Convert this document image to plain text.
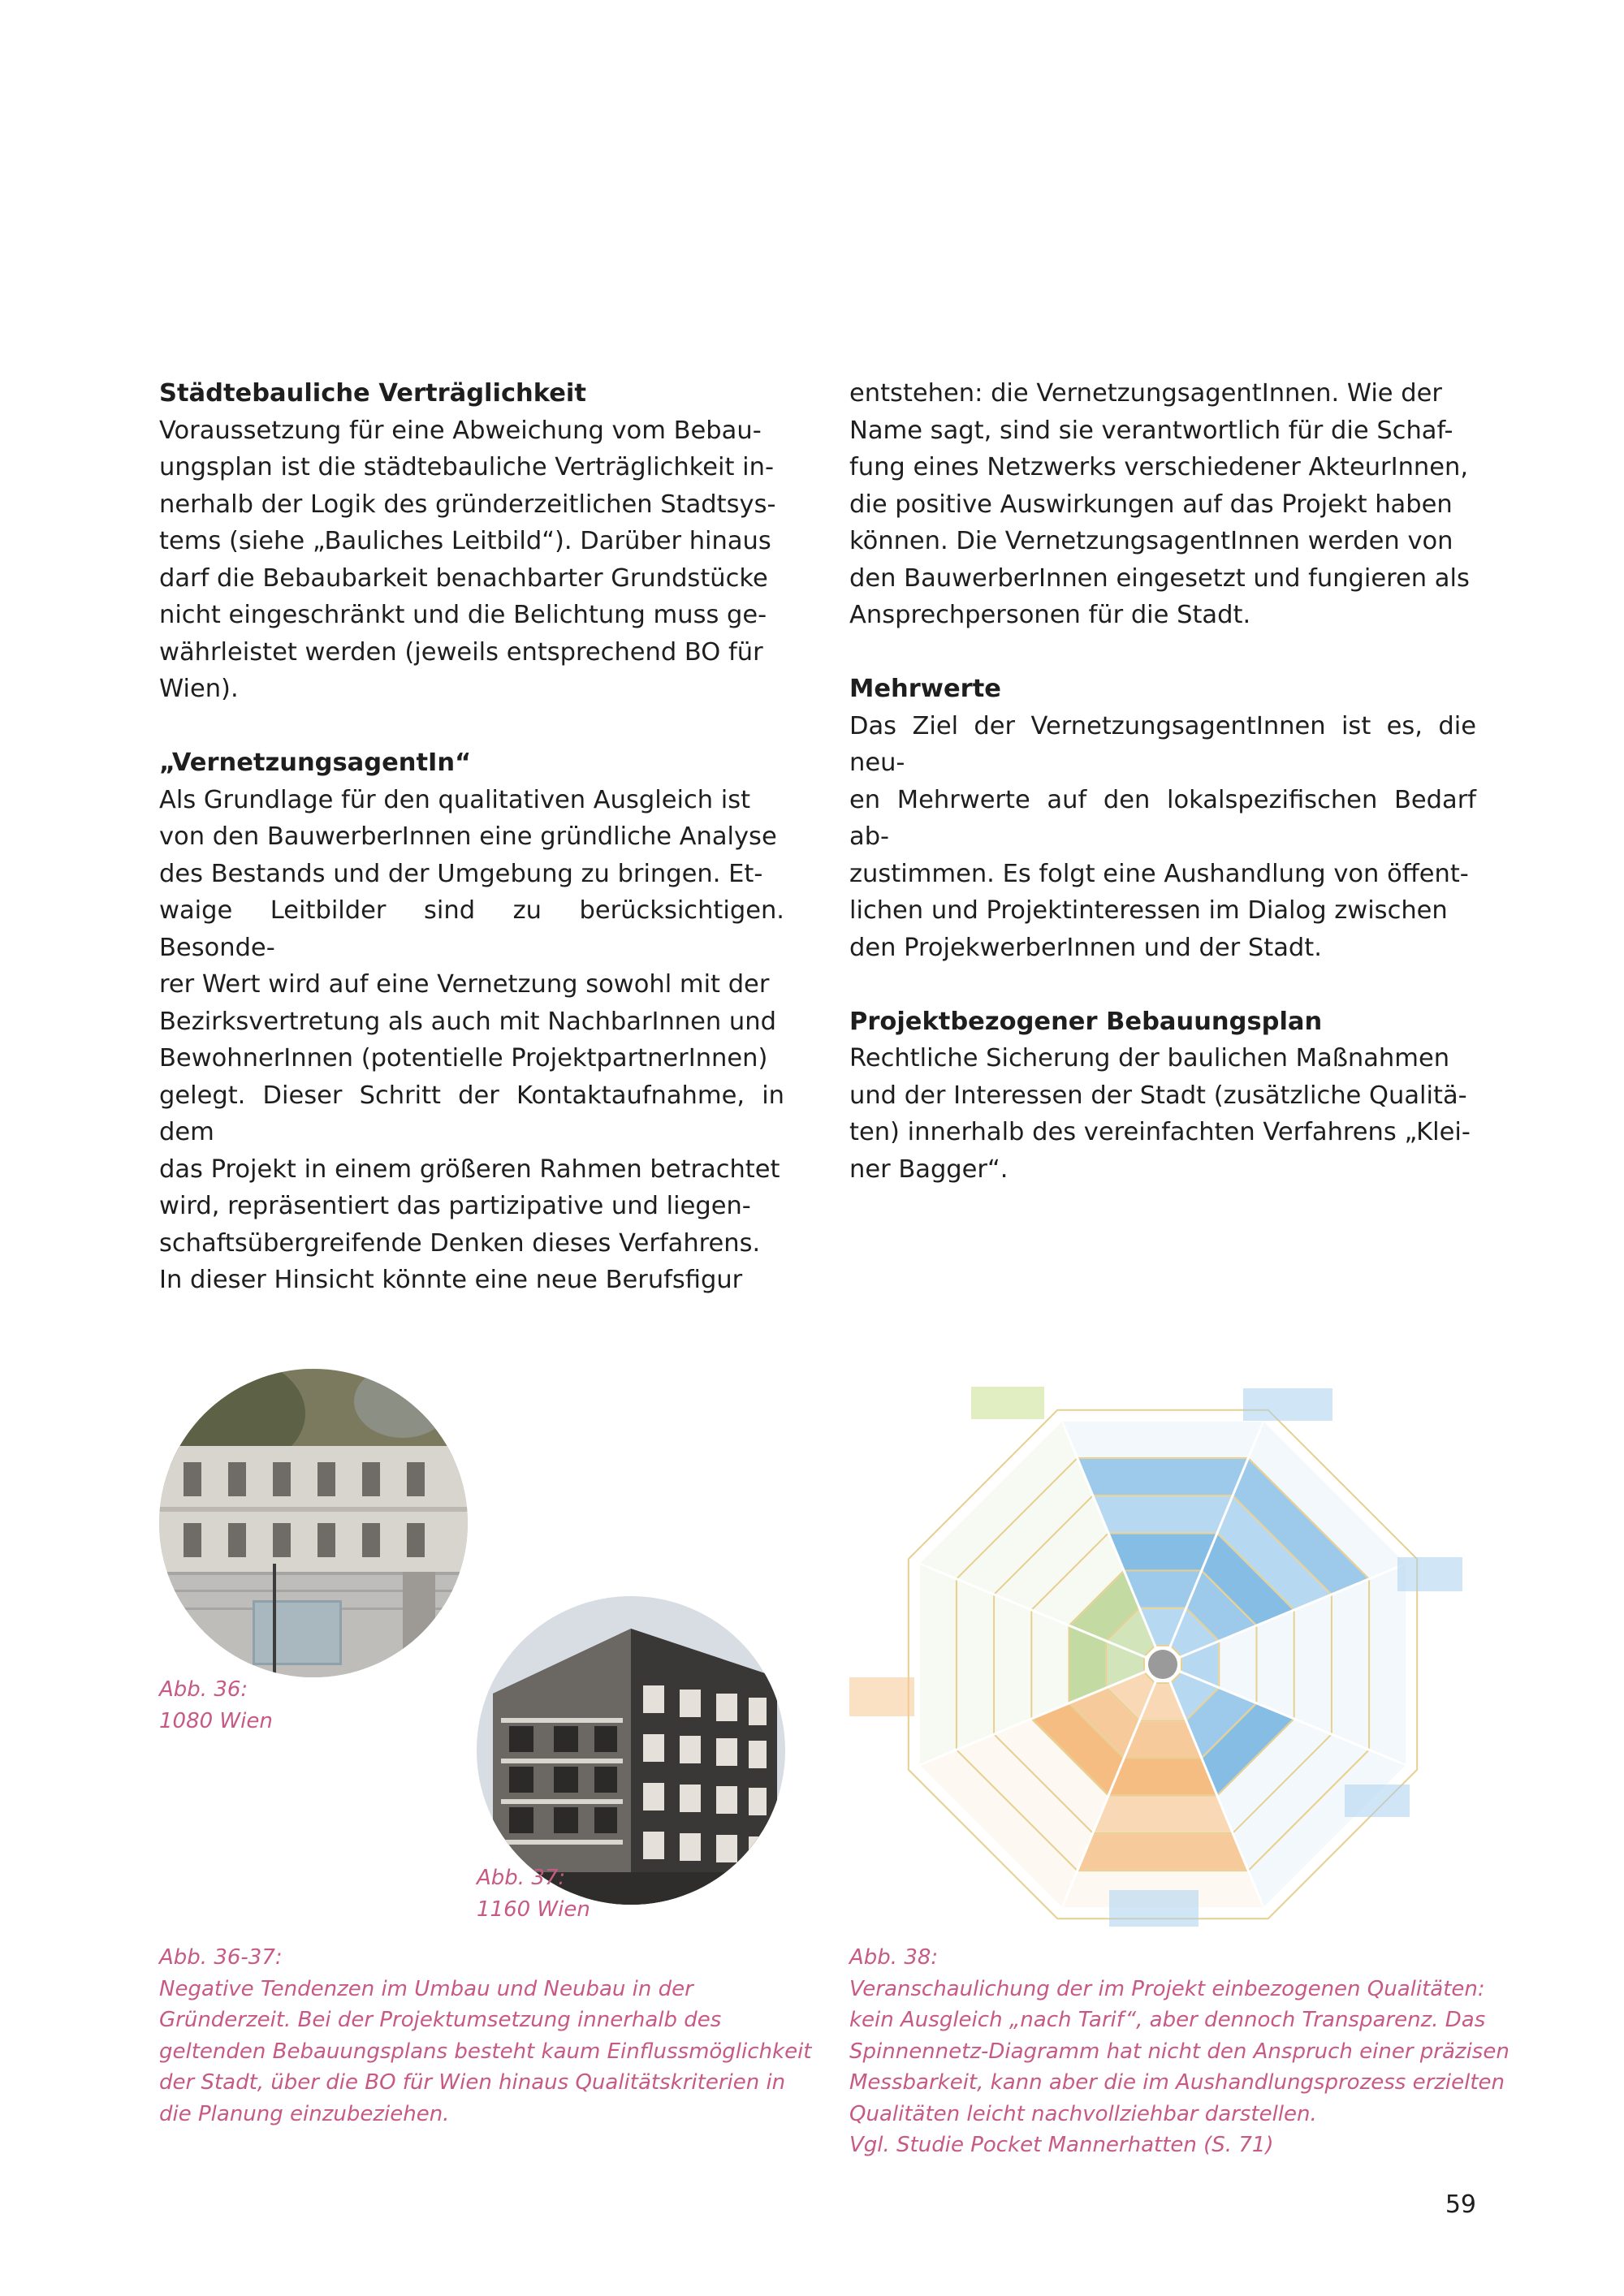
Städtebauliche Verträglichkeit

Voraussetzung für eine Abweichung vom Bebau-

ungsplan ist die städtebauliche Verträglichkeit in-

nerhalb der Logik des gründerzeitlichen Stadtsys-

tems (siehe „Bauliches Leitbild“). Darüber hinaus

darf die Bebaubarkeit benachbarter Grundstücke

nicht eingeschränkt und die Belichtung muss ge-

währleistet werden (jeweils entsprechend BO für

Wien).

„VernetzungsagentIn“

Als Grundlage für den qualitativen Ausgleich ist

von den BauwerberInnen eine gründliche Analyse

des Bestands und der Umgebung zu bringen. Et-

waige Leitbilder sind zu berücksichtigen. Besonde-

rer Wert wird auf eine Vernetzung sowohl mit der

Bezirksvertretung als auch mit NachbarInnen und

BewohnerInnen (potentielle ProjektpartnerInnen)

gelegt. Dieser Schritt der Kontaktaufnahme, in dem

das Projekt in einem größeren Rahmen betrachtet

wird, repräsentiert das partizipative und liegen-

schaftsübergreifende Denken dieses Verfahrens.

In dieser Hinsicht könnte eine neue Berufsfigur

entstehen: die VernetzungsagentInnen. Wie der

Name sagt, sind sie verantwortlich für die Schaf-

fung eines Netzwerks verschiedener AkteurInnen,

die positive Auswirkungen auf das Projekt haben

können. Die VernetzungsagentInnen werden von

den BauwerberInnen eingesetzt und fungieren als

Ansprechpersonen für die Stadt.

Mehrwerte

Das Ziel der VernetzungsagentInnen ist es, die neu-

en Mehrwerte auf den lokalspezifischen Bedarf ab-

zustimmen. Es folgt eine Aushandlung von öffent-

lichen und Projektinteressen im Dialog zwischen

den ProjekwerberInnen und der Stadt.

Projektbezogener Bebauungsplan

Rechtliche Sicherung der baulichen Maßnahmen

und der Interessen der Stadt (zusätzliche Qualitä-

ten) innerhalb des vereinfachten Verfahrens „Klei-

ner Bagger“.

Abb. 36:
1080 Wien
Abb. 37:
1160 Wien
Abb. 36-37:
Negative Tendenzen im Umbau und Neubau in der
Gründerzeit. Bei der Projektumsetzung innerhalb des
geltenden Bebauungsplans besteht kaum Einflussmöglichkeit
der Stadt, über die BO für Wien hinaus Qualitätskriterien in
die Planung einzubeziehen.
Abb. 38:
Veranschaulichung der im Projekt einbezogenen Qualitäten:
kein Ausgleich „nach Tarif“, aber dennoch Transparenz. Das
Spinnennetz-Diagramm hat nicht den Anspruch einer präzisen
Messbarkeit, kann aber die im Aushandlungsprozess erzielten
Qualitäten leicht nachvollziehbar darstellen.
Vgl. Studie Pocket Mannerhatten (S. 71)
59
